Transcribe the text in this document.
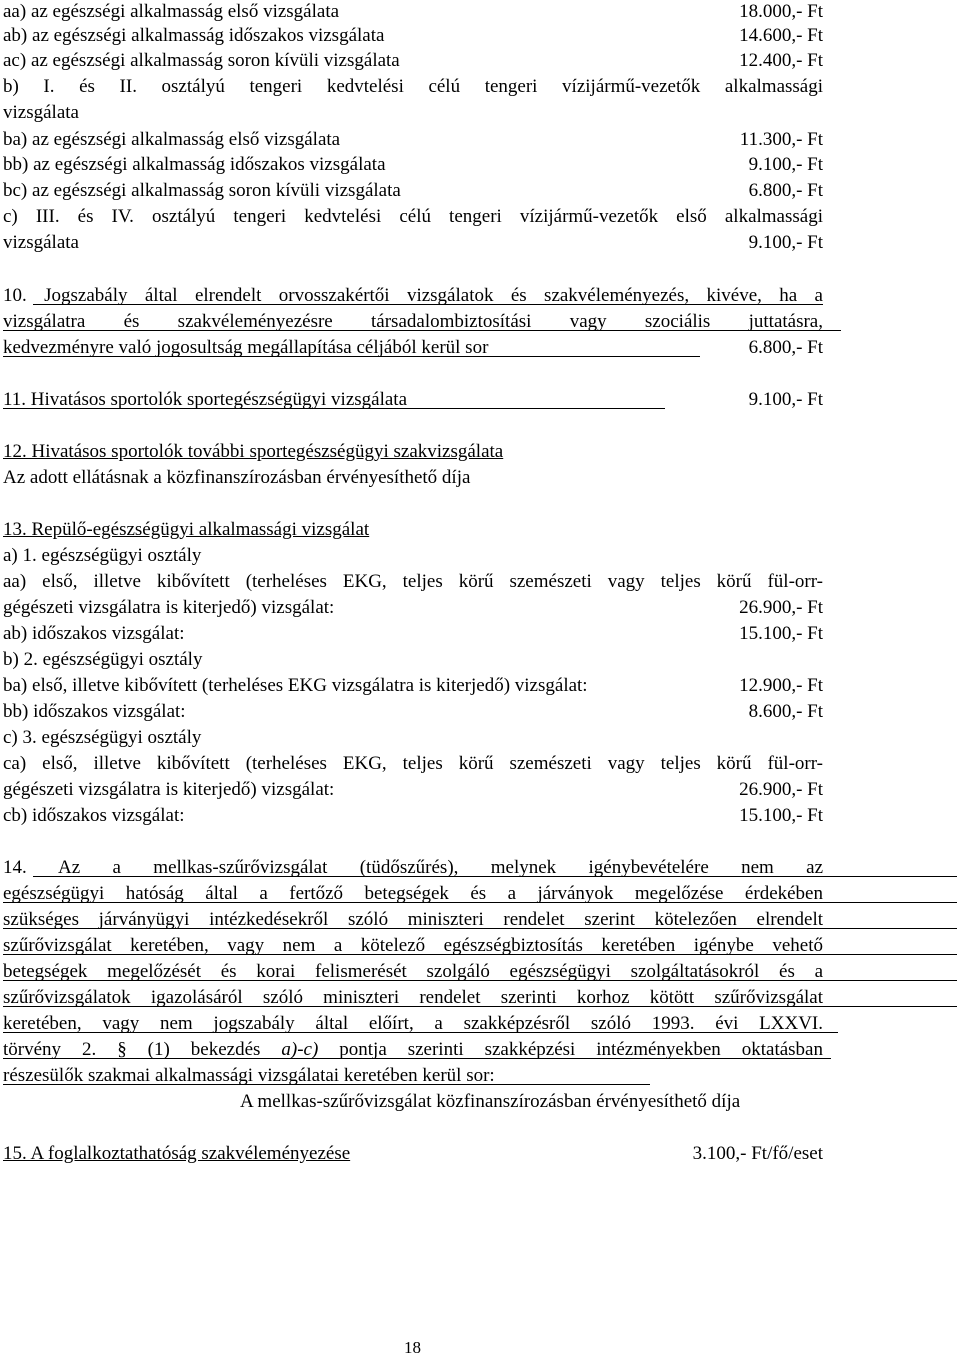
aa) az egészségi alkalmasság első vizsgálata	18.000,- Ft
ab) az egészségi alkalmasság időszakos vizsgálata	14.600,- Ft
ac) az egészségi alkalmasság soron kívüli vizsgálata	12.400,- Ft
b) I. és II. osztályú tengeri kedvtelési célú tengeri vízijármű-vezetők alkalmassági
vizsgálata
ba) az egészségi alkalmasság első vizsgálata	11.300,- Ft
bb) az egészségi alkalmasság időszakos vizsgálata	9.100,- Ft
bc) az egészségi alkalmasság soron kívüli vizsgálata	6.800,- Ft
c) III. és IV. osztályú tengeri kedvtelési célú tengeri vízijármű-vezetők első alkalmassági
vizsgálata	9.100,- Ft
10. Jogszabály által elrendelt orvosszakértői vizsgálatok és szakvéleményezés, kivéve, ha a
vizsgálatra és szakvéleményezésre társadalombiztosítási vagy szociális juttatásra,
kedvezményre való jogosultság megállapítása céljából kerül sor	6.800,- Ft
11. Hivatásos sportolók sportegészségügyi vizsgálata	9.100,- Ft
12. Hivatásos sportolók további sportegészségügyi szakvizsgálata
Az adott ellátásnak a közfinanszírozásban érvényesíthető díja
13. Repülő-egészségügyi alkalmassági vizsgálat
a) 1. egészségügyi osztály
aa) első, illetve kibővített (terheléses EKG, teljes körű szemészeti vagy teljes körű fül-orr-
gégészeti vizsgálatra is kiterjedő) vizsgálat:	26.900,- Ft
ab) időszakos vizsgálat:	15.100,- Ft
b) 2. egészségügyi osztály
ba) első, illetve kibővített (terheléses EKG vizsgálatra is kiterjedő) vizsgálat:	12.900,- Ft
bb) időszakos vizsgálat:	8.600,- Ft
c) 3. egészségügyi osztály
ca) első, illetve kibővített (terheléses EKG, teljes körű szemészeti vagy teljes körű fül-orr-
gégészeti vizsgálatra is kiterjedő) vizsgálat:	26.900,- Ft
cb) időszakos vizsgálat:	15.100,- Ft
14. Az a mellkas-szűrővizsgálat (tüdőszűrés), melynek igénybevételére nem az
egészségügyi hatóság által a fertőző betegségek és a járványok megelőzése érdekében
szükséges járványügyi intézkedésekről szóló miniszteri rendelet szerint kötelezően elrendelt
szűrővizsgálat keretében, vagy nem a kötelező egészségbiztosítás keretében igénybe vehető
betegségek megelőzését és korai felismerését szolgáló egészségügyi szolgáltatásokról és a
szűrővizsgálatok igazolásáról szóló miniszteri rendelet szerinti korhoz kötött szűrővizsgálat
keretében, vagy nem jogszabály által előírt, a szakképzésről szóló 1993. évi LXXVI.
törvény 2. § (1) bekezdés a)-c) pontja szerinti szakképzési intézményekben oktatásban
részesülők szakmai alkalmassági vizsgálatai keretében kerül sor:
A mellkas-szűrővizsgálat közfinanszírozásban érvényesíthető díja
15. A foglalkoztathatóság szakvéleményezése	3.100,- Ft/fő/eset
18
